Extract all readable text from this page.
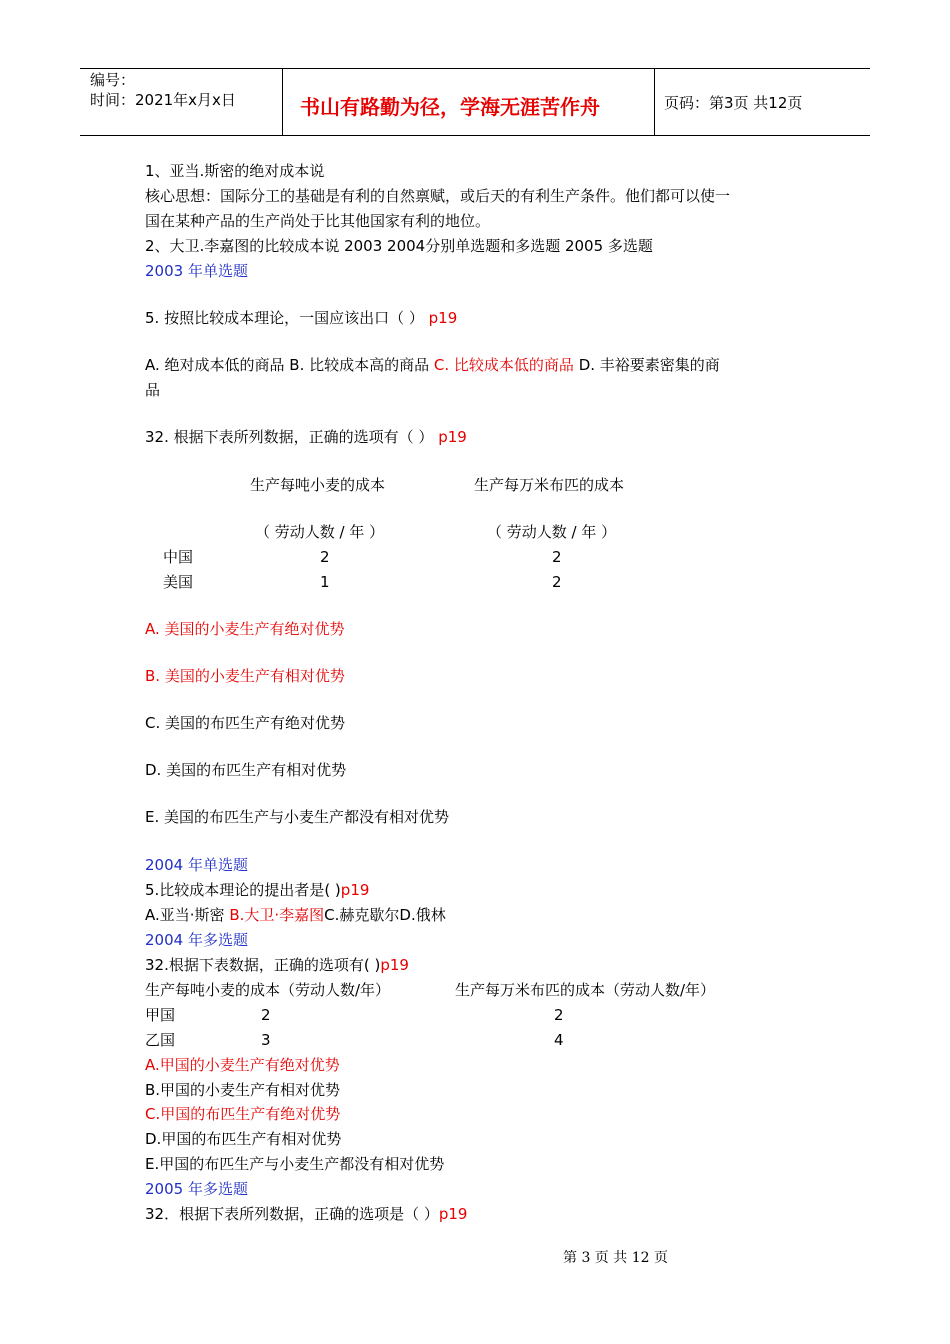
编号：
时间：2021年x月x日	书山有路勤为径，学海无涯苦作舟	页码：第3页 共12页
1、亚当.斯密的绝对成本说
核心思想：国际分工的基础是有利的自然禀赋，或后天的有利生产条件。他们都可以使一
国在某种产品的生产尚处于比其他国家有利的地位。
2、大卫.李嘉图的比较成本说 2003 2004分别单选题和多选题 2005 多选题
2003 年单选题
5. 按照比较成本理论，一国应该出口（ ） p19
A. 绝对成本低的商品 B. 比较成本高的商品 C. 比较成本低的商品 D. 丰裕要素密集的商
品
32. 根据下表所列数据，正确的选项有（ ） p19
生产每吨小麦的成本	生产每万米布匹的成本
（ 劳动人数 / 年 ）	（ 劳动人数 / 年 ）
中国	2	2
美国	1	2
A. 美国的小麦生产有绝对优势
B. 美国的小麦生产有相对优势
C. 美国的布匹生产有绝对优势
D. 美国的布匹生产有相对优势
E. 美国的布匹生产与小麦生产都没有相对优势
2004 年单选题
5.比较成本理论的提出者是( )p19
A.亚当·斯密 B.大卫·李嘉图C.赫克歇尔D.俄林
2004 年多选题
32.根据下表数据，正确的选项有( )p19
生产每吨小麦的成本（劳动人数/年）	生产每万米布匹的成本（劳动人数/年）
甲国	2	2
乙国	3	4
A.甲国的小麦生产有绝对优势
B.甲国的小麦生产有相对优势
C.甲国的布匹生产有绝对优势
D.甲国的布匹生产有相对优势
E.甲国的布匹生产与小麦生产都没有相对优势
2005 年多选题
32．根据下表所列数据，正确的选项是（ ）p19
第 3 页 共 12 页
